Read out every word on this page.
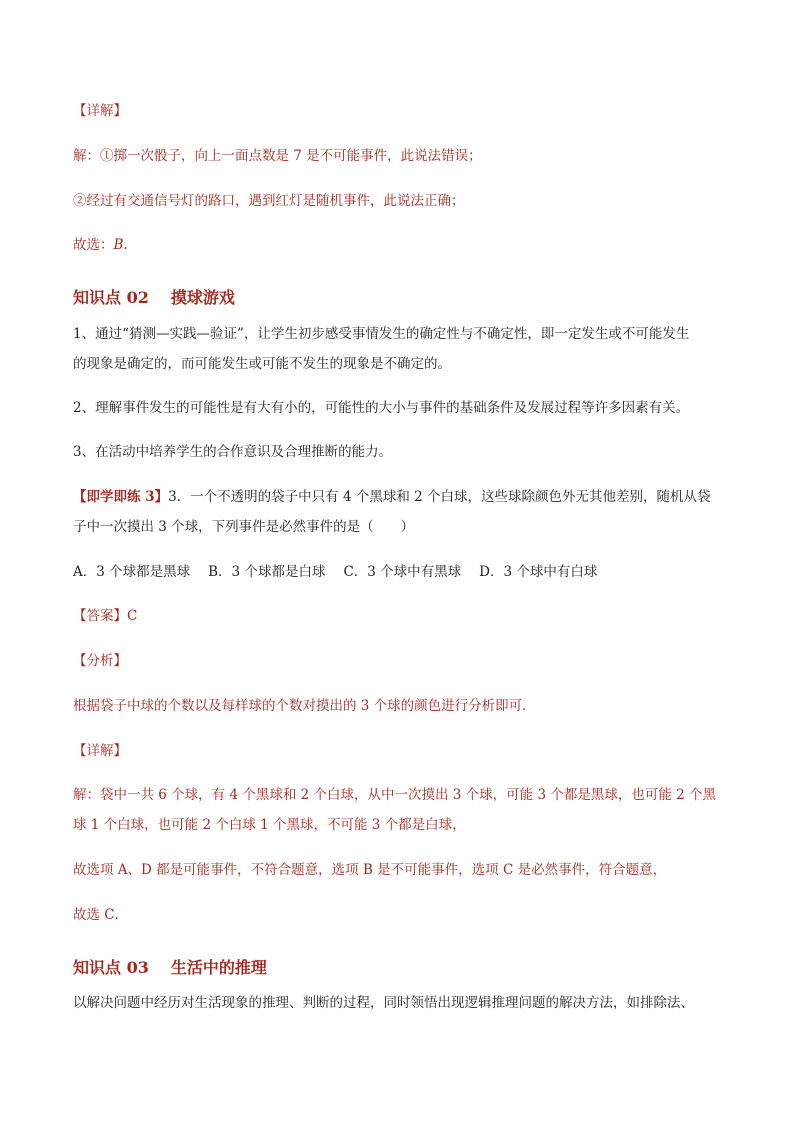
【详解】
解：①掷一次骰子，向上一面点数是 7 是不可能事件，此说法错误；
②经过有交通信号灯的路口，遇到红灯是随机事件，此说法正确；
故选：B.
知识点 02 摸球游戏
1、通过“猜测—实践—验证”，让学生初步感受事情发生的确定性与不确定性，即一定发生或不可能发生
的现象是确定的，而可能发生或可能不发生的现象是不确定的。
2、理解事件发生的可能性是有大有小的，可能性的大小与事件的基础条件及发展过程等许多因素有关。
3、在活动中培养学生的合作意识及合理推断的能力。
【即学即练 3】3．一个不透明的袋子中只有 4 个黑球和 2 个白球，这些球除颜色外无其他差别，随机从袋
子中一次摸出 3 个球，下列事件是必然事件的是（　　）
A．3 个球都是黑球 B．3 个球都是白球 C．3 个球中有黑球 D．3 个球中有白球
【答案】C
【分析】
根据袋子中球的个数以及每样球的个数对摸出的 3 个球的颜色进行分析即可．
【详解】
解：袋中一共 6 个球，有 4 个黑球和 2 个白球，从中一次摸出 3 个球，可能 3 个都是黑球，也可能 2 个黑
球 1 个白球，也可能 2 个白球 1 个黑球，不可能 3 个都是白球，
故选项 A、D 都是可能事件，不符合题意，选项 B 是不可能事件，选项 C 是必然事件，符合题意，
故选 C．
知识点 03 生活中的推理
以解决问题中经历对生活现象的推理、判断的过程，同时领悟出现逻辑推理问题的解决方法，如排除法、
